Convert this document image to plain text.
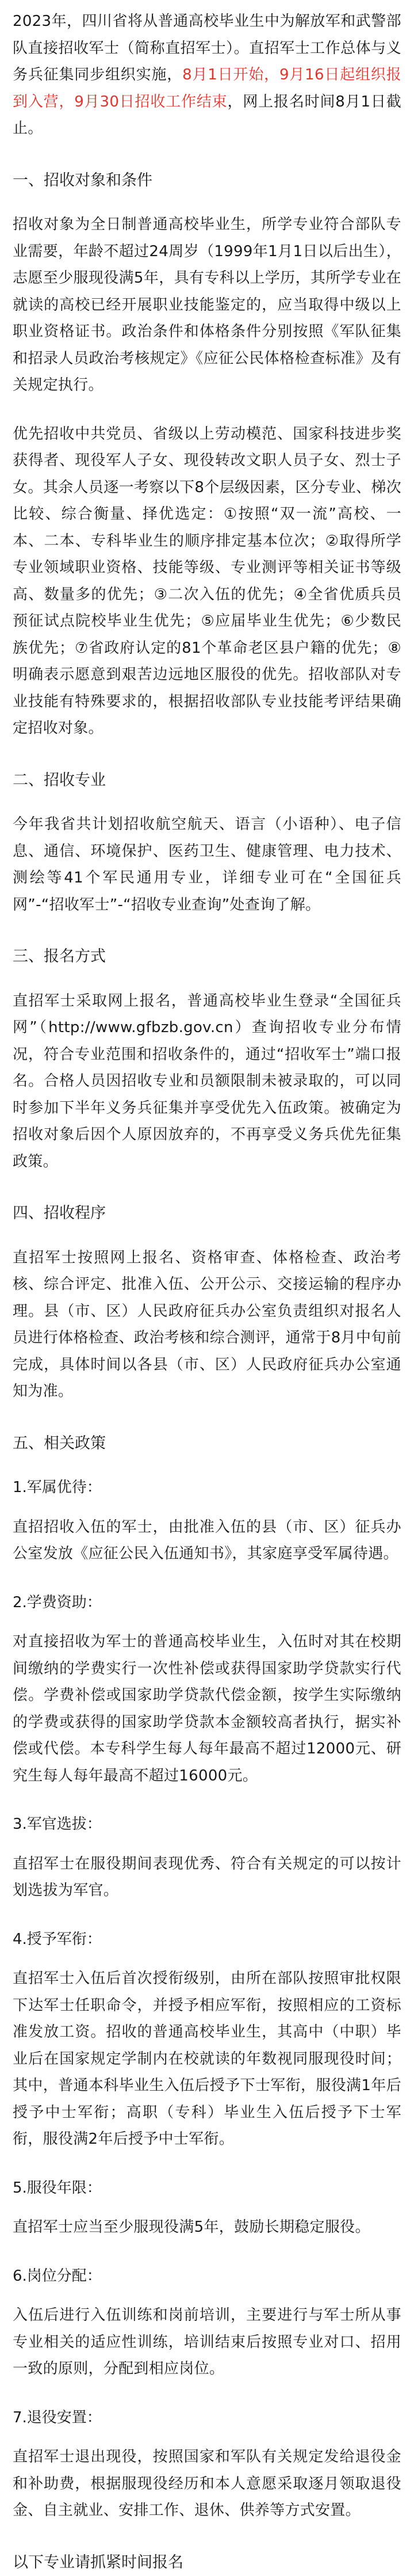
2023年，四川省将从普通高校毕业生中为解放军和武警部队直接招收军士（简称直招军士）。直招军士工作总体与义务兵征集同步组织实施，8月1日开始，9月16日起组织报到入营，9月30日招收工作结束，网上报名时间8月1日截止。

一、招收对象和条件

招收对象为全日制普通高校毕业生，所学专业符合部队专业需要，年龄不超过24周岁（1999年1月1日以后出生），志愿至少服现役满5年，具有专科以上学历，其所学专业在就读的高校已经开展职业技能鉴定的，应当取得中级以上职业资格证书。政治条件和体格条件分别按照《军队征集和招录人员政治考核规定》《应征公民体格检查标准》及有关规定执行。

优先招收中共党员、省级以上劳动模范、国家科技进步奖获得者、现役军人子女、现役转改文职人员子女、烈士子女。其余人员逐一考察以下8个层级因素，区分专业、梯次比较、综合衡量、择优选定：①按照“双一流”高校、一本、二本、专科毕业生的顺序排定基本位次；②取得所学专业领域职业资格、技能等级、专业测评等相关证书等级高、数量多的优先；③二次入伍的优先；④全省优质兵员预征试点院校毕业生优先；⑤应届毕业生优先；⑥少数民族优先；⑦省政府认定的81个革命老区县户籍的优先；⑧明确表示愿意到艰苦边远地区服役的优先。招收部队对专业技能有特殊要求的，根据招收部队专业技能考评结果确定招收对象。

二、招收专业

今年我省共计划招收航空航天、语言（小语种）、电子信息、通信、环境保护、医药卫生、健康管理、电力技术、测绘等41个军民通用专业，详细专业可在“全国征兵网”-“招收军士”-“招收专业查询”处查询了解。

三、报名方式

直招军士采取网上报名，普通高校毕业生登录“全国征兵网”（http://www.gfbzb.gov.cn）查询招收专业分布情况，符合专业范围和招收条件的，通过“招收军士”端口报名。合格人员因招收专业和员额限制未被录取的，可以同时参加下半年义务兵征集并享受优先入伍政策。被确定为招收对象后因个人原因放弃的，不再享受义务兵优先征集政策。

四、招收程序

直招军士按照网上报名、资格审查、体格检查、政治考核、综合评定、批准入伍、公开公示、交接运输的程序办理。县（市、区）人民政府征兵办公室负责组织对报名人员进行体格检查、政治考核和综合测评，通常于8月中旬前完成，具体时间以各县（市、区）人民政府征兵办公室通知为准。

五、相关政策
1.军属优待：

直招招收入伍的军士，由批准入伍的县（市、区）征兵办公室发放《应征公民入伍通知书》，其家庭享受军属待遇。

2.学费资助：

对直接招收为军士的普通高校毕业生，入伍时对其在校期间缴纳的学费实行一次性补偿或获得国家助学贷款实行代偿。学费补偿或国家助学贷款代偿金额，按学生实际缴纳的学费或获得的国家助学贷款本金额较高者执行，据实补偿或代偿。本专科学生每人每年最高不超过12000元、研究生每人每年最高不超过16000元。

3.军官选拔：

直招军士在服役期间表现优秀、符合有关规定的可以按计划选拔为军官。

4.授予军衔：

直招军士入伍后首次授衔级别，由所在部队按照审批权限下达军士任职命令，并授予相应军衔，按照相应的工资标准发放工资。招收的普通高校毕业生，其高中（中职）毕业后在国家规定学制内在校就读的年数视同服现役时间；其中，普通本科毕业生入伍后授予下士军衔，服役满1年后授予中士军衔；高职（专科）毕业生入伍后授予下士军衔，服役满2年后授予中士军衔。

5.服役年限：

直招军士应当至少服现役满5年，鼓励长期稳定服役。

6.岗位分配：

入伍后进行入伍训练和岗前培训，主要进行与军士所从事专业相关的适应性训练，培训结束后按照专业对口、招用一致的原则，分配到相应岗位。

7.退役安置：

直招军士退出现役，按照国家和军队有关规定发给退役金和补助费，根据服现役经历和本人意愿采取逐月领取退役金、自主就业、安排工作、退休、供养等方式安置。

以下专业请抓紧时间报名
